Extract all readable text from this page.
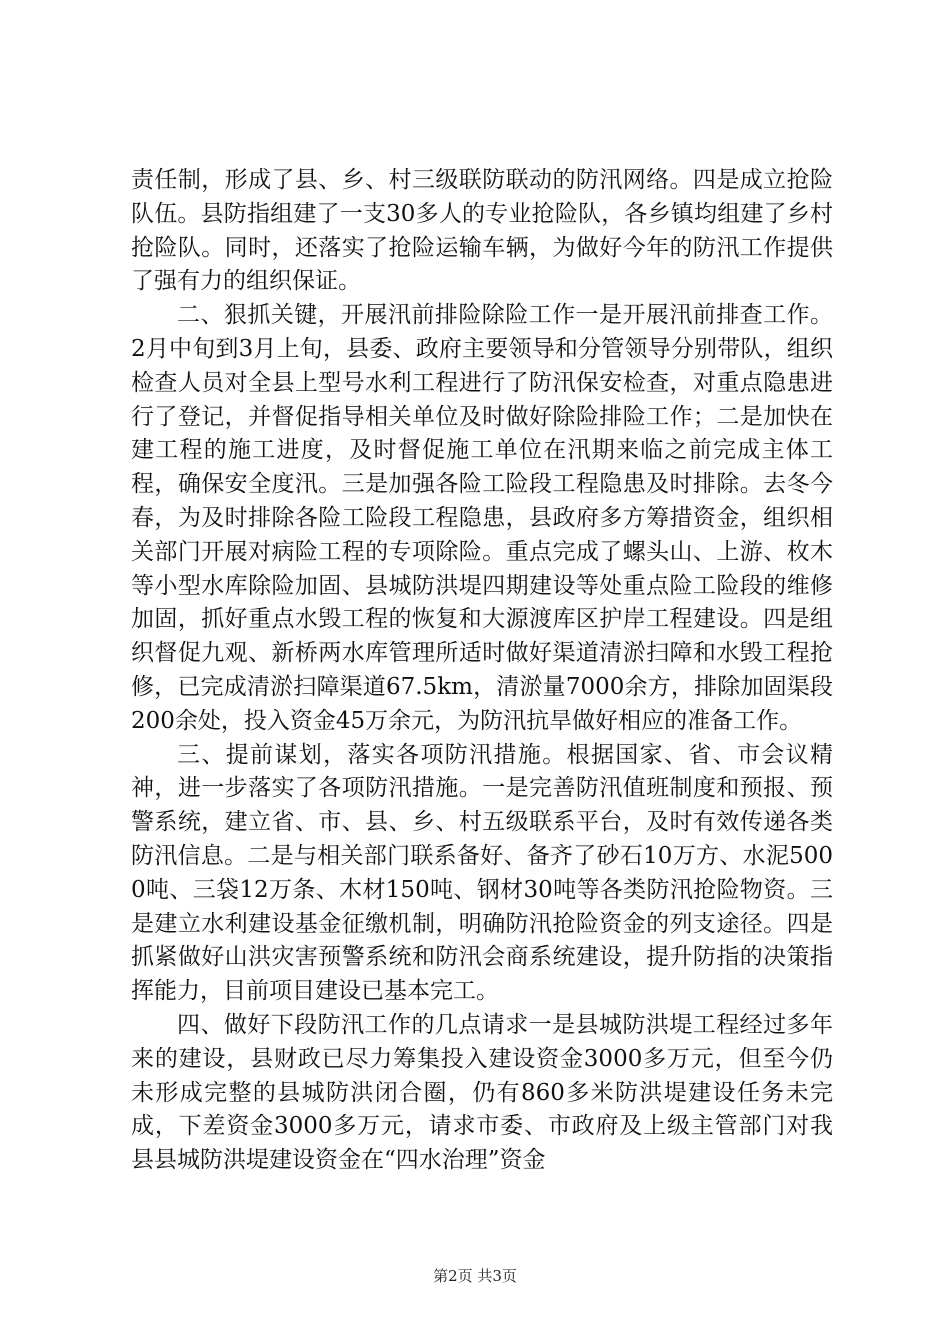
责任制，形成了县、乡、村三级联防联动的防汛网络。四是成立抢险队伍。县防指组建了一支30多人的专业抢险队，各乡镇均组建了乡村抢险队。同时，还落实了抢险运输车辆，为做好今年的防汛工作提供了强有力的组织保证。

二、狠抓关键，开展汛前排险除险工作一是开展汛前排查工作。2月中旬到3月上旬，县委、政府主要领导和分管领导分别带队，组织检查人员对全县上型号水利工程进行了防汛保安检查，对重点隐患进行了登记，并督促指导相关单位及时做好除险排险工作；二是加快在建工程的施工进度，及时督促施工单位在汛期来临之前完成主体工程，确保安全度汛。三是加强各险工险段工程隐患及时排除。去冬今春，为及时排除各险工险段工程隐患，县政府多方筹措资金，组织相关部门开展对病险工程的专项除险。重点完成了螺头山、上游、枚木等小型水库除险加固、县城防洪堤四期建设等处重点险工险段的维修加固，抓好重点水毁工程的恢复和大源渡库区护岸工程建设。四是组织督促九观、新桥两水库管理所适时做好渠道清淤扫障和水毁工程抢修，已完成清淤扫障渠道67.5km，清淤量7000余方，排除加固渠段200余处，投入资金45万余元，为防汛抗旱做好相应的准备工作。

三、提前谋划，落实各项防汛措施。根据国家、省、市会议精神，进一步落实了各项防汛措施。一是完善防汛值班制度和预报、预警系统，建立省、市、县、乡、村五级联系平台，及时有效传递各类防汛信息。二是与相关部门联系备好、备齐了砂石10万方、水泥5000吨、三袋12万条、木材150吨、钢材30吨等各类防汛抢险物资。三是建立水利建设基金征缴机制，明确防汛抢险资金的列支途径。四是抓紧做好山洪灾害预警系统和防汛会商系统建设，提升防指的决策指挥能力，目前项目建设已基本完工。

四、做好下段防汛工作的几点请求一是县城防洪堤工程经过多年来的建设，县财政已尽力筹集投入建设资金3000多万元，但至今仍未形成完整的县城防洪闭合圈，仍有860多米防洪堤建设任务未完成，下差资金3000多万元，请求市委、市政府及上级主管部门对我县县城防洪堤建设资金在“四水治理”资金

第2页 共3页
